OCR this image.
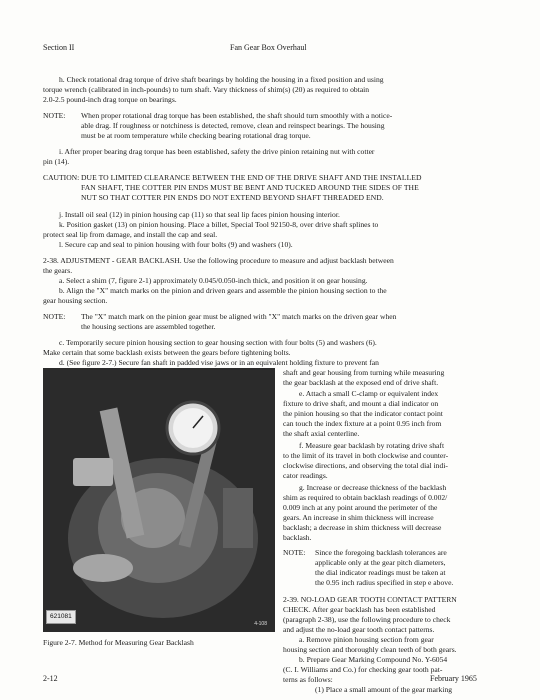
Section II	Fan Gear Box Overhaul

h. Check rotational drag torque of drive shaft bearings by holding the housing in a fixed position and using

torque wrench (calibrated in inch-pounds) to turn shaft. Vary thickness of shim(s) (20) as required to obtain

2.0-2.5 pound-inch drag torque on bearings.

NOTE: When proper rotational drag torque has been established, the shaft should turn smoothly with a notice-

able drag. If roughness or notchiness is detected, remove, clean and reinspect bearings. The housing

must be at room temperature while checking bearing rotational drag torque.

i. After proper bearing drag torque has been established, safety the drive pinion retaining nut with cotter

pin (14).

CAUTION: DUE TO LIMITED CLEARANCE BETWEEN THE END OF THE DRIVE SHAFT AND THE INSTALLED

FAN SHAFT, THE COTTER PIN ENDS MUST BE BENT AND TUCKED AROUND THE SIDES OF THE

NUT SO THAT COTTER PIN ENDS DO NOT EXTEND BEYOND SHAFT THREADED END.

j. Install oil seal (12) in pinion housing cap (11) so that seal lip faces pinion housing interior.

k. Position gasket (13) on pinion housing. Place a billet, Special Tool 92150-8, over drive shaft splines to

protect seal lip from damage, and install the cap and seal.

l. Secure cap and seal to pinion housing with four bolts (9) and washers (10).

2-38. ADJUSTMENT - GEAR BACKLASH. Use the following procedure to measure and adjust backlash between

the gears.

a. Select a shim (7, figure 2-1) approximately 0.045/0.050-inch thick, and position it on gear housing.

b. Align the "X" match marks on the pinion and driven gears and assemble the pinion housing section to the

gear housing section.

NOTE: The "X" match mark on the pinion gear must be aligned with "X" match marks on the driven gear when

the housing sections are assembled together.

c. Temporarily secure pinion housing section to gear housing section with four bolts (5) and washers (6).

Make certain that some backlash exists between the gears before tightening bolts.

d. (See figure 2-7.) Secure fan shaft in padded vise jaws or in an equivalent holding fixture to prevent fan

shaft and gear housing from turning while measuring

the gear backlash at the exposed end of drive shaft.

e. Attach a small C-clamp or equivalent index

fixture to drive shaft, and mount a dial indicator on

the pinion housing so that the indicator contact point

can touch the index fixture at a point 0.95 inch from

the shaft axial centerline.

f. Measure gear backlash by rotating drive shaft

to the limit of its travel in both clockwise and counter-

clockwise directions, and observing the total dial indi-

cator readings.

g. Increase or decrease thickness of the backlash

shim as required to obtain backlash readings of 0.002/

0.009 inch at any point around the perimeter of the

gears. An increase in shim thickness will increase

backlash; a decrease in shim thickness will decrease

backlash.

NOTE: Since the foregoing backlash tolerances are

applicable only at the gear pitch diameters,

the dial indicator readings must be taken at

the 0.95 inch radius specified in step e above.

2-39. NO-LOAD GEAR TOOTH CONTACT PATTERN

CHECK. After gear backlash has been established

(paragraph 2-38), use the following procedure to check

and adjust the no-load gear tooth contact patterns.

a. Remove pinion housing section from gear

housing section and thoroughly clean teeth of both gears.

b. Prepare Gear Marking Compound No. Y-6054

(C. I. Williams and Co.) for checking gear tooth pat-

terns as follows:

(1) Place a small amount of the gear marking

621081
4-108
Figure 2-7. Method for Measuring Gear Backlash
2-12	February 1965
